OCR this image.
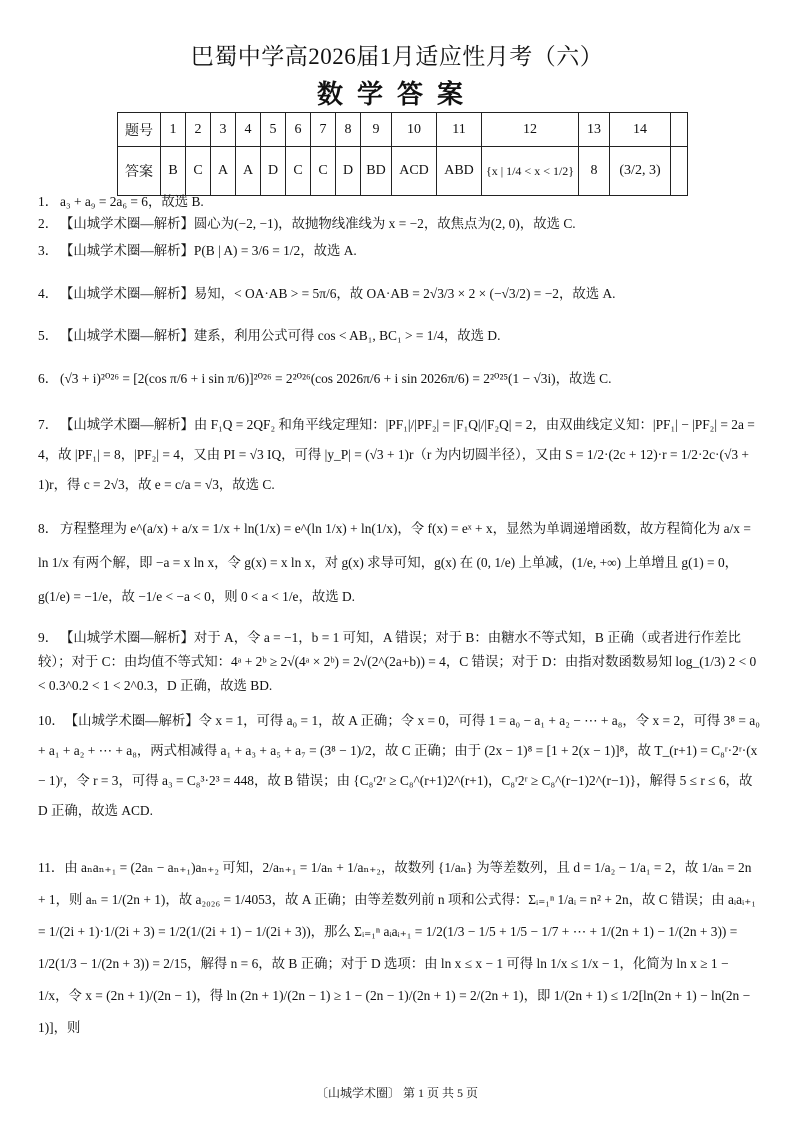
巴蜀中学高2026届1月适应性月考（六）
数学答案
题号	1	2	3	4	5	6	7	8	9	10	11	12	13	14	
答案	B	C	A	A	D	C	C	D	BD	ACD	ABD	{x | 1/4 < x < 1/2}	8	(3/2, 3)	
1． a₃ + a₉ = 2a₆ = 6，故选 B.
2． 【山城学术圈—解析】圆心为(−2, −1)，故抛物线准线为 x = −2，故焦点为(2, 0)，故选 C.
3． 【山城学术圈—解析】P(B | A) = 3/6 = 1/2，故选 A.
4． 【山城学术圈—解析】易知，< OA·AB > = 5π/6，故 OA·AB = 2√3/3 × 2 × (−√3/2) = −2，故选 A.
5． 【山城学术圈—解析】建系，利用公式可得 cos < AB₁, BC₁ > = 1/4，故选 D.
6． (√3 + i)²⁰²⁶ = [2(cos π/6 + i sin π/6)]²⁰²⁶ = 2²⁰²⁶(cos 2026π/6 + i sin 2026π/6) = 2²⁰²⁵(1 − √3i)，故选 C.
7． 【山城学术圈—解析】由 F₁Q = 2QF₂ 和角平线定理知：|PF₁|/|PF₂| = |F₁Q|/|F₂Q| = 2，由双曲线定义知：|PF₁| − |PF₂| = 2a = 4，故 |PF₁| = 8，|PF₂| = 4，又由 PI = √3 IQ，可得 |y_P| = (√3 + 1)r（r 为内切圆半径），又由 S = 1/2·(2c + 12)·r = 1/2·2c·(√3 + 1)r，得 c = 2√3，故 e = c/a = √3，故选 C.
8． 方程整理为 e^(a/x) + a/x = 1/x + ln(1/x) = e^(ln 1/x) + ln(1/x)，令 f(x) = eˣ + x，显然为单调递增函数，故方程简化为 a/x = ln 1/x 有两个解，即 −a = x ln x，令 g(x) = x ln x，对 g(x) 求导可知，g(x) 在 (0, 1/e) 上单减，(1/e, +∞) 上单增且 g(1) = 0，g(1/e) = −1/e，故 −1/e < −a < 0，则 0 < a < 1/e，故选 D.
9． 【山城学术圈—解析】对于 A，令 a = −1，b = 1 可知，A 错误；对于 B：由糖水不等式知，B 正确（或者进行作差比较）；对于 C：由均值不等式知：4ᵃ + 2ᵇ ≥ 2√(4ᵃ × 2ᵇ) = 2√(2^(2a+b)) = 4，C 错误；对于 D：由指对数函数易知 log_(1/3) 2 < 0 < 0.3^0.2 < 1 < 2^0.3，D 正确，故选 BD.
10．【山城学术圈—解析】令 x = 1，可得 a₀ = 1，故 A 正确；令 x = 0，可得 1 = a₀ − a₁ + a₂ − ⋯ + a₈，令 x = 2，可得 3⁸ = a₀ + a₁ + a₂ + ⋯ + a₈，两式相减得 a₁ + a₃ + a₅ + a₇ = (3⁸ − 1)/2，故 C 正确；由于 (2x − 1)⁸ = [1 + 2(x − 1)]⁸，故 T_(r+1) = C₈ʳ·2ʳ·(x − 1)ʳ，令 r = 3，可得 a₃ = C₈³·2³ = 448，故 B 错误；由 {C₈ʳ2ʳ ≥ C₈^(r+1)2^(r+1)，C₈ʳ2ʳ ≥ C₈^(r−1)2^(r−1)}，解得 5 ≤ r ≤ 6，故 D 正确，故选 ACD.
11．由 aₙaₙ₊₁ = (2aₙ − aₙ₊₁)aₙ₊₂ 可知，2/aₙ₊₁ = 1/aₙ + 1/aₙ₊₂，故数列 {1/aₙ} 为等差数列，且 d = 1/a₂ − 1/a₁ = 2，故 1/aₙ = 2n + 1，则 aₙ = 1/(2n + 1)，故 a₂₀₂₆ = 1/4053，故 A 正确；由等差数列前 n 项和公式得：Σᵢ₌₁ⁿ 1/aᵢ = n² + 2n，故 C 错误；由 aᵢaᵢ₊₁ = 1/(2i + 1)·1/(2i + 3) = 1/2(1/(2i + 1) − 1/(2i + 3))，那么 Σᵢ₌₁ⁿ aᵢaᵢ₊₁ = 1/2(1/3 − 1/5 + 1/5 − 1/7 + ⋯ + 1/(2n + 1) − 1/(2n + 3)) = 1/2(1/3 − 1/(2n + 3)) = 2/15，解得 n = 6，故 B 正确；对于 D 选项：由 ln x ≤ x − 1 可得 ln 1/x ≤ 1/x − 1，化简为 ln x ≥ 1 − 1/x，令 x = (2n + 1)/(2n − 1)，得 ln (2n + 1)/(2n − 1) ≥ 1 − (2n − 1)/(2n + 1) = 2/(2n + 1)，即 1/(2n + 1) ≤ 1/2[ln(2n + 1) − ln(2n − 1)]，则
〔山城学术圈〕 第 1 页 共 5 页
